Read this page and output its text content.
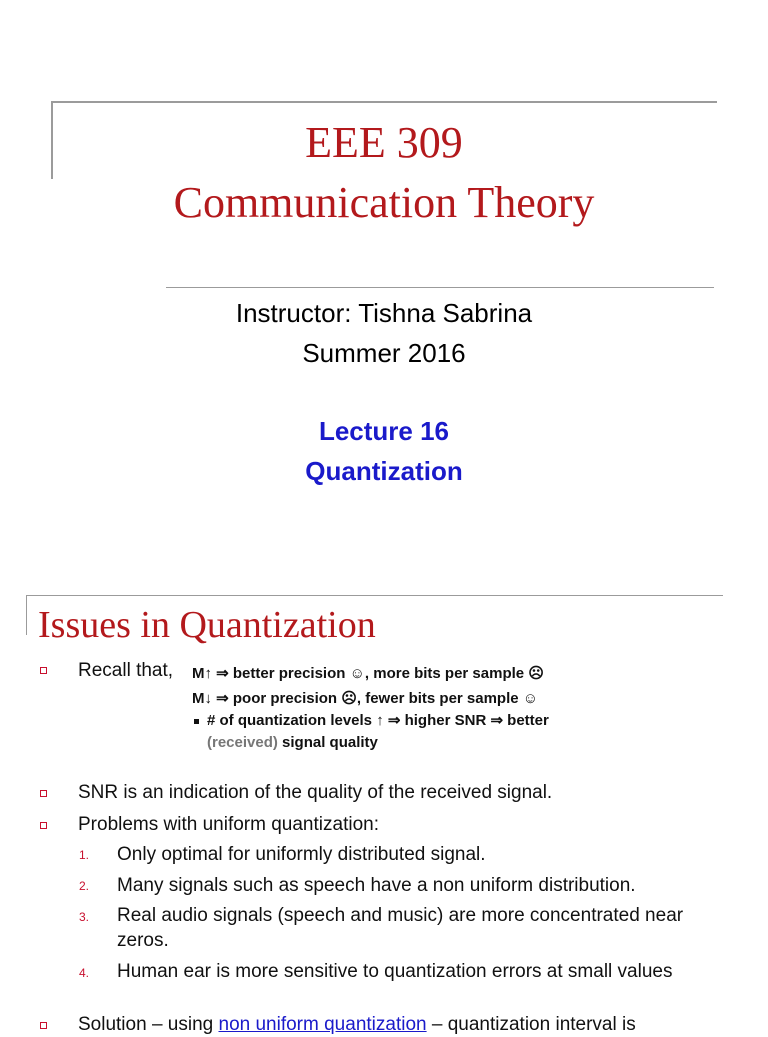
EEE 309
Communication Theory
Instructor: Tishna Sabrina
Summer 2016
Lecture 16
Quantization
Issues in Quantization
Recall that, M↑ ⇒ better precision ☺, more bits per sample ☹
M↓ ⇒ poor precision ☹, fewer bits per sample ☺
# of quantization levels ↑ ⇒ higher SNR ⇒ better
(received) signal quality
SNR is an indication of the quality of the received signal.
Problems with uniform quantization:
1. Only optimal for uniformly distributed signal.
2. Many signals such as speech have a non uniform distribution.
3. Real audio signals (speech and music) are more concentrated near zeros.
4. Human ear is more sensitive to quantization errors at small values
Solution – using non uniform quantization – quantization interval is
